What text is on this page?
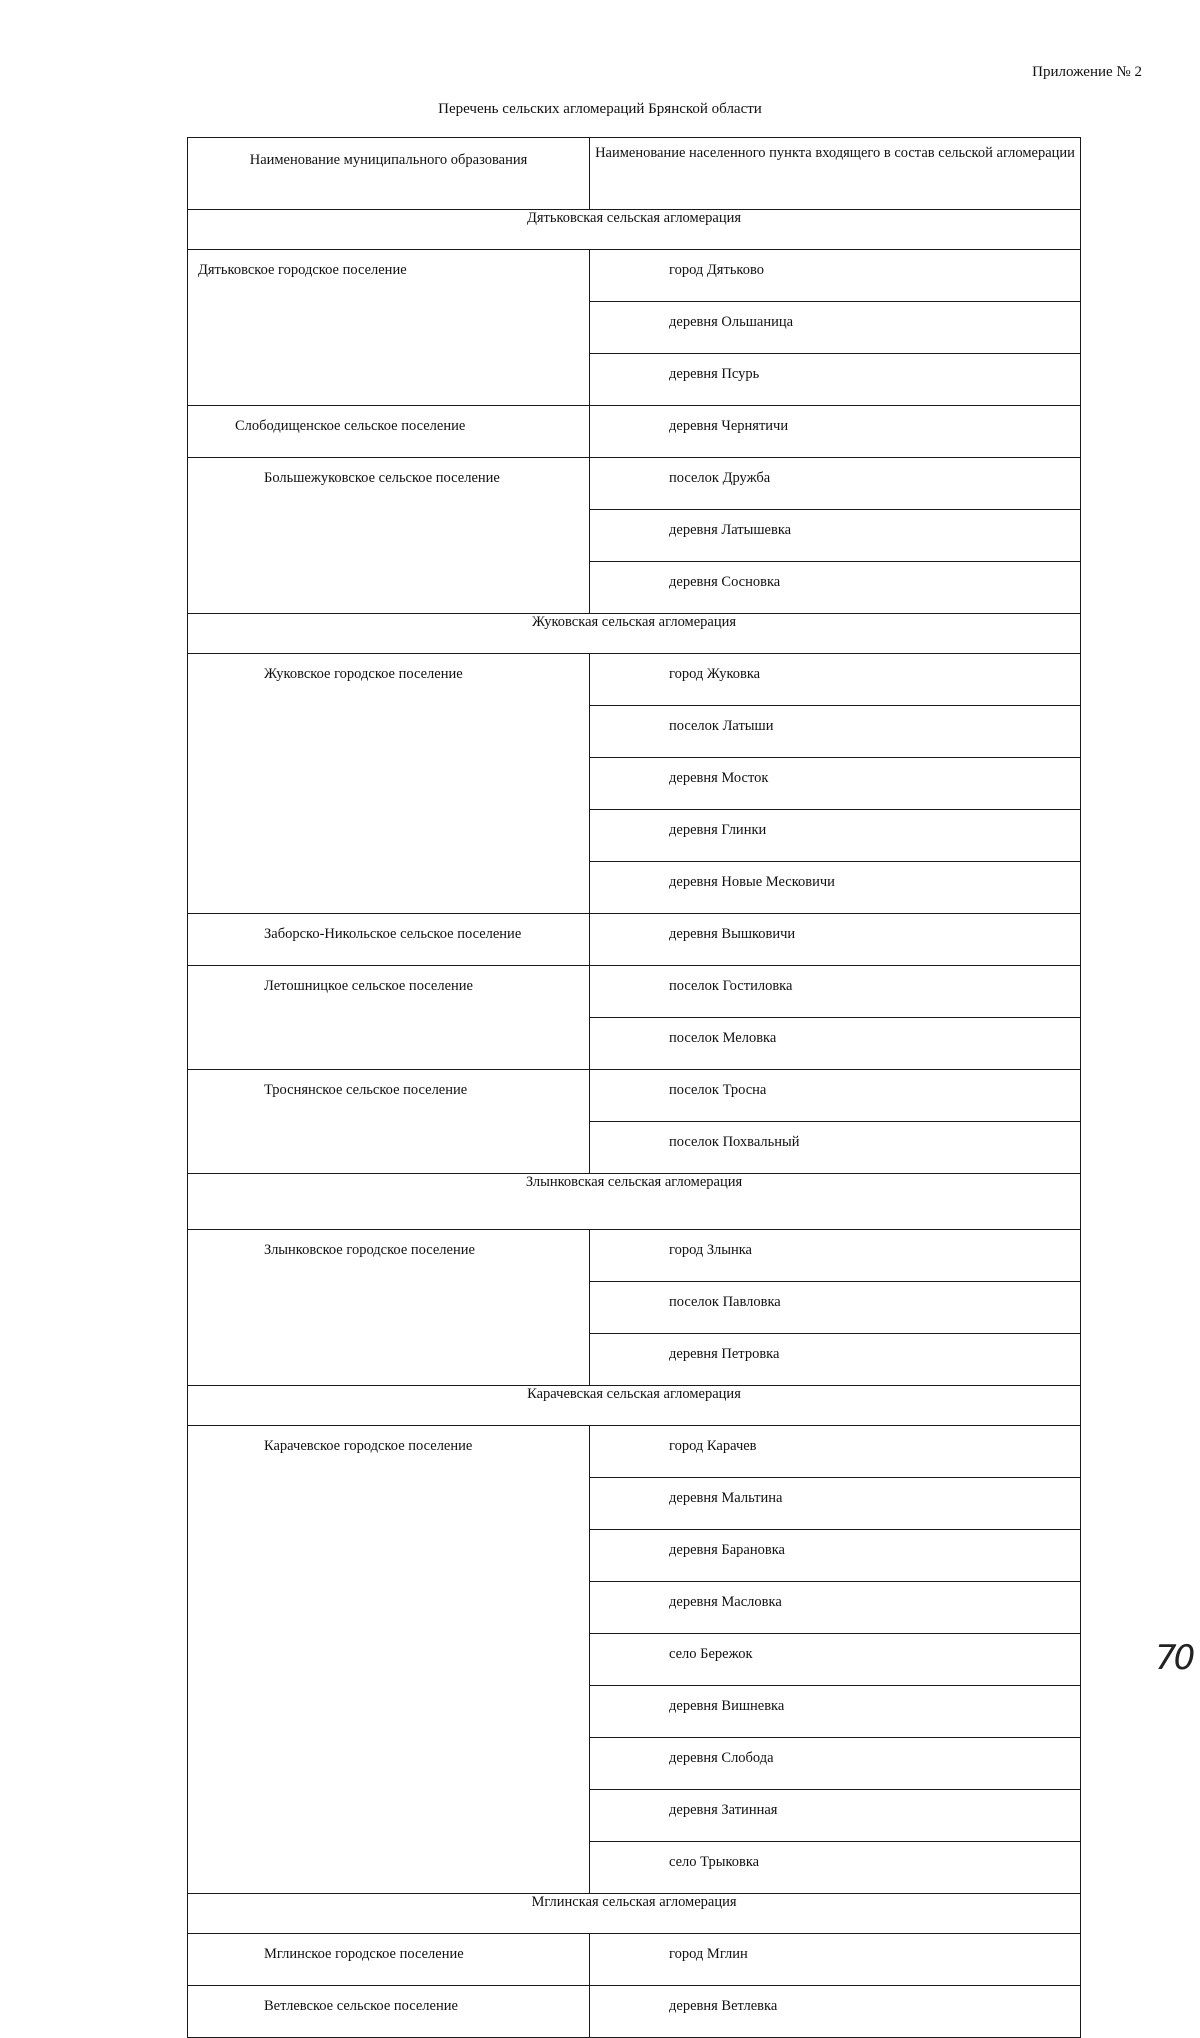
Приложение № 2
Перечень сельских агломераций Брянской области
Наименование муниципального образования	Наименование населенного пункта входящего в состав сельской агломерации
Дятьковская сельская агломерация	
Дятьковское городское поселение	город Дятьково
	деревня Ольшаница
	деревня Псурь
Слободищенское сельское поселение	деревня Чернятичи
Большежуковское сельское поселение	поселок Дружба
	деревня Латышевка
	деревня Сосновка
Жуковская сельская агломерация	
Жуковское городское поселение	город Жуковка
	поселок Латыши
	деревня Мосток
	деревня Глинки
	деревня Новые Месковичи
Заборско-Никольское сельское поселение	деревня Вышковичи
Летошницкое сельское поселение	поселок Гостиловка
	поселок Меловка
Троснянское сельское поселение	поселок Тросна
	поселок Похвальный
Злынковская сельская агломерация	
Злынковское городское поселение	город Злынка
	поселок Павловка
	деревня Петровка
Карачевская сельская агломерация	
Карачевское городское поселение	город Карачев
	деревня Мальтина
	деревня Барановка
	деревня Масловка
	село Бережок
	деревня Вишневка
	деревня Слобода
	деревня Затинная
	село Трыковка
Мглинская сельская агломерация	
Мглинское городское поселение	город Мглин
Ветлевское сельское поселение	деревня Ветлевка
70
